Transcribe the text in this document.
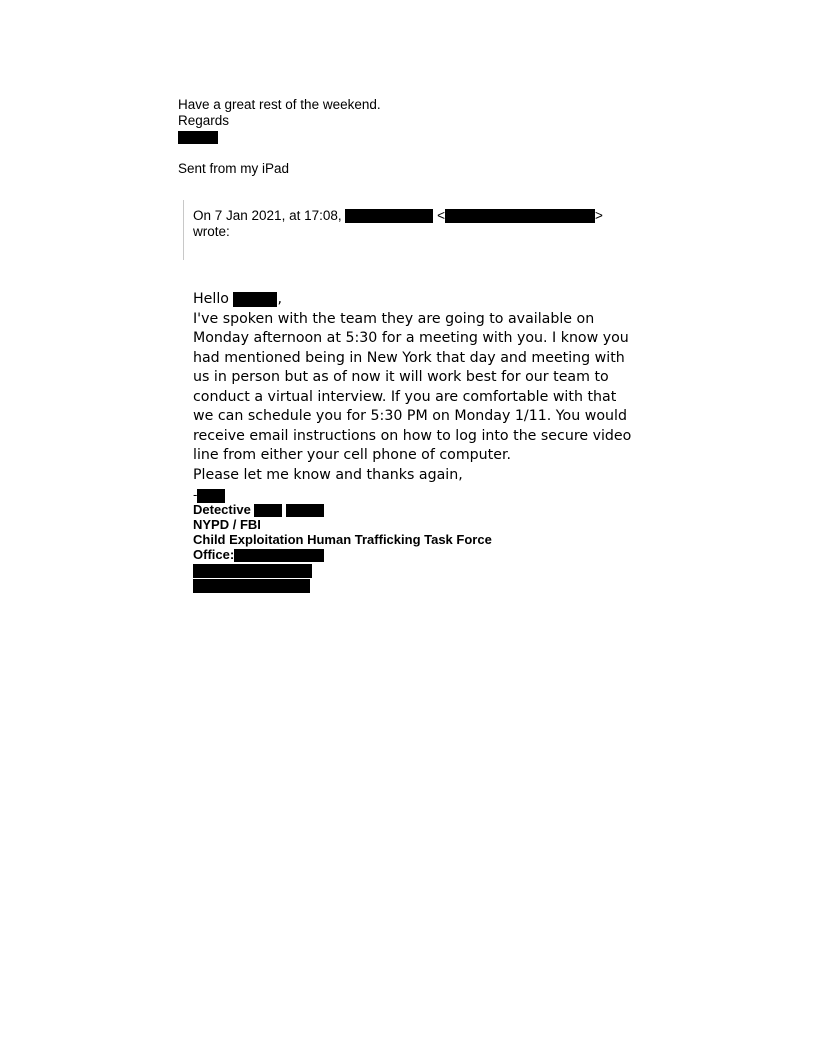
Have a great rest of the weekend.
Regards
Sent from my iPad
On 7 Jan 2021, at 17:08,	<	>
wrote:

Hello	,

I've spoken with the team they are going to available on Monday afternoon at 5:30 for a meeting with you. I know you had mentioned being in New York that day and meeting with us in person but as of now it will work best for our team to conduct a virtual interview. If you are comfortable with that we can schedule you for 5:30 PM on Monday 1/11. You would receive email instructions on how to log into the secure video line from either your cell phone of computer.

Please let me know and thanks again,

-
Detective
NYPD / FBI
Child Exploitation Human Trafficking Task Force
Office:
